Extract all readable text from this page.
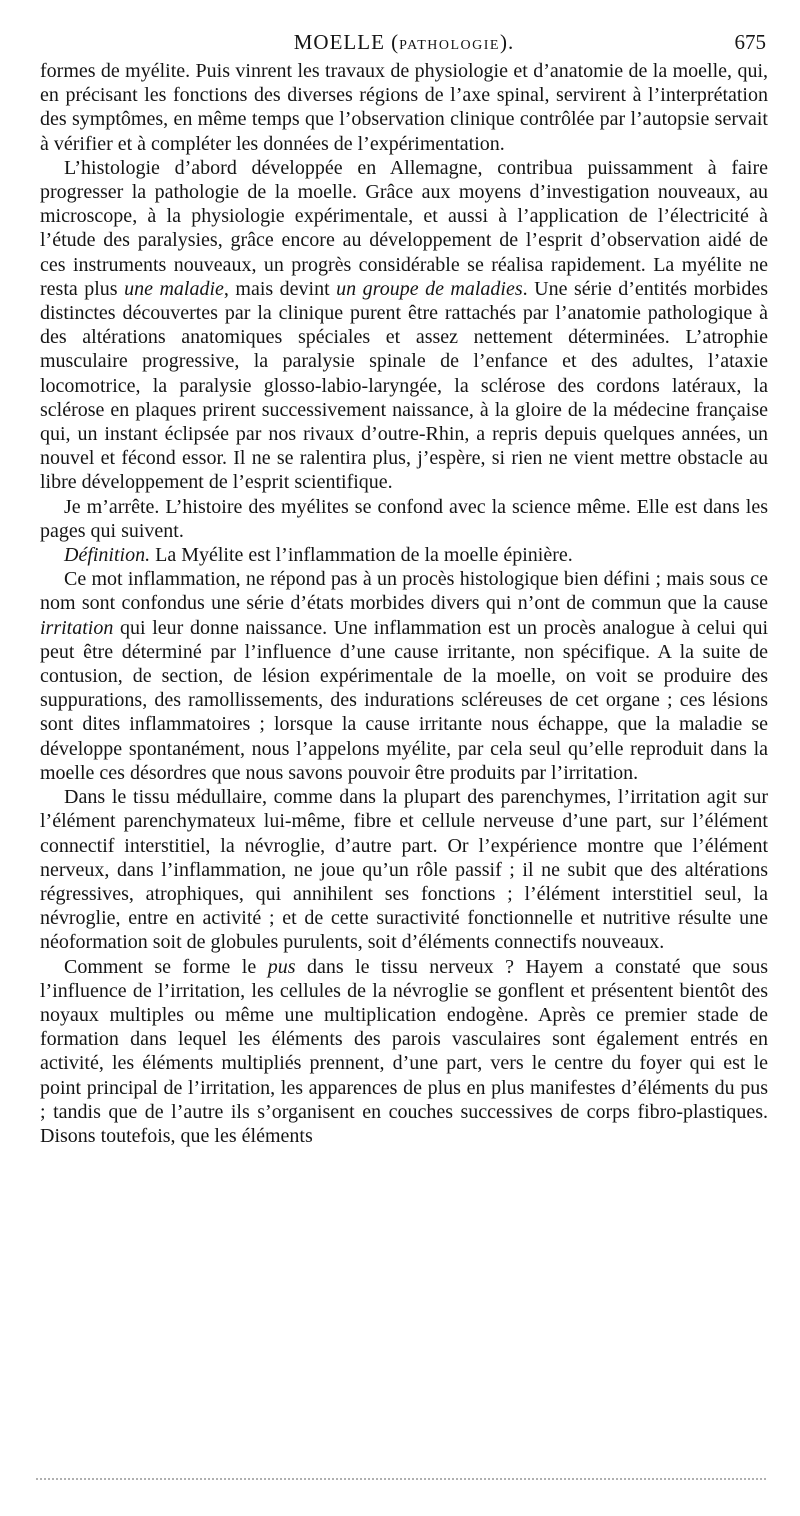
MOELLE (PATHOLOGIE).	675

formes de myélite. Puis vinrent les travaux de physiologie et d’anatomie de la moelle, qui, en précisant les fonctions des diverses régions de l’axe spinal, servirent à l’interprétation des symptômes, en même temps que l’observation clinique contrôlée par l’autopsie servait à vérifier et à compléter les données de l’expérimentation.

L’histologie d’abord développée en Allemagne, contribua puissamment à faire progresser la pathologie de la moelle. Grâce aux moyens d’investigation nouveaux, au microscope, à la physiologie expérimentale, et aussi à l’application de l’électricité à l’étude des paralysies, grâce encore au développement de l’esprit d’observation aidé de ces instruments nouveaux, un progrès considérable se réalisa rapidement. La myélite ne resta plus une maladie, mais devint un groupe de maladies. Une série d’entités morbides distinctes découvertes par la clinique purent être rattachés par l’anatomie pathologique à des altérations anatomiques spéciales et assez nettement déterminées. L’atrophie musculaire progressive, la paralysie spinale de l’enfance et des adultes, l’ataxie locomotrice, la paralysie glosso-labio-laryngée, la sclérose des cordons latéraux, la sclérose en plaques prirent successivement naissance, à la gloire de la médecine française qui, un instant éclipsée par nos rivaux d’outre-Rhin, a repris depuis quelques années, un nouvel et fécond essor. Il ne se ralentira plus, j’espère, si rien ne vient mettre obstacle au libre développement de l’esprit scientifique.

Je m’arrête. L’histoire des myélites se confond avec la science même. Elle est dans les pages qui suivent.

Définition. La Myélite est l’inflammation de la moelle épinière.

Ce mot inflammation, ne répond pas à un procès histologique bien défini ; mais sous ce nom sont confondus une série d’états morbides divers qui n’ont de commun que la cause irritation qui leur donne naissance. Une inflammation est un procès analogue à celui qui peut être déterminé par l’influence d’une cause irritante, non spécifique. A la suite de contusion, de section, de lésion expérimentale de la moelle, on voit se produire des suppurations, des ramollissements, des indurations scléreuses de cet organe ; ces lésions sont dites inflammatoires ; lorsque la cause irritante nous échappe, que la maladie se développe spontanément, nous l’appelons myélite, par cela seul qu’elle reproduit dans la moelle ces désordres que nous savons pouvoir être produits par l’irritation.

Dans le tissu médullaire, comme dans la plupart des parenchymes, l’irritation agit sur l’élément parenchymateux lui-même, fibre et cellule nerveuse d’une part, sur l’élément connectif interstitiel, la névroglie, d’autre part. Or l’expérience montre que l’élément nerveux, dans l’inflammation, ne joue qu’un rôle passif ; il ne subit que des altérations régressives, atrophiques, qui annihilent ses fonctions ; l’élément interstitiel seul, la névroglie, entre en activité ; et de cette suractivité fonctionnelle et nutritive résulte une néoformation soit de globules purulents, soit d’éléments connectifs nouveaux.

Comment se forme le pus dans le tissu nerveux ? Hayem a constaté que sous l’influence de l’irritation, les cellules de la névroglie se gonflent et présentent bientôt des noyaux multiples ou même une multiplication endogène. Après ce premier stade de formation dans lequel les éléments des parois vasculaires sont également entrés en activité, les éléments multipliés prennent, d’une part, vers le centre du foyer qui est le point principal de l’irritation, les apparences de plus en plus manifestes d’éléments du pus ; tandis que de l’autre ils s’organisent en couches successives de corps fibro-plastiques. Disons toutefois, que les éléments
